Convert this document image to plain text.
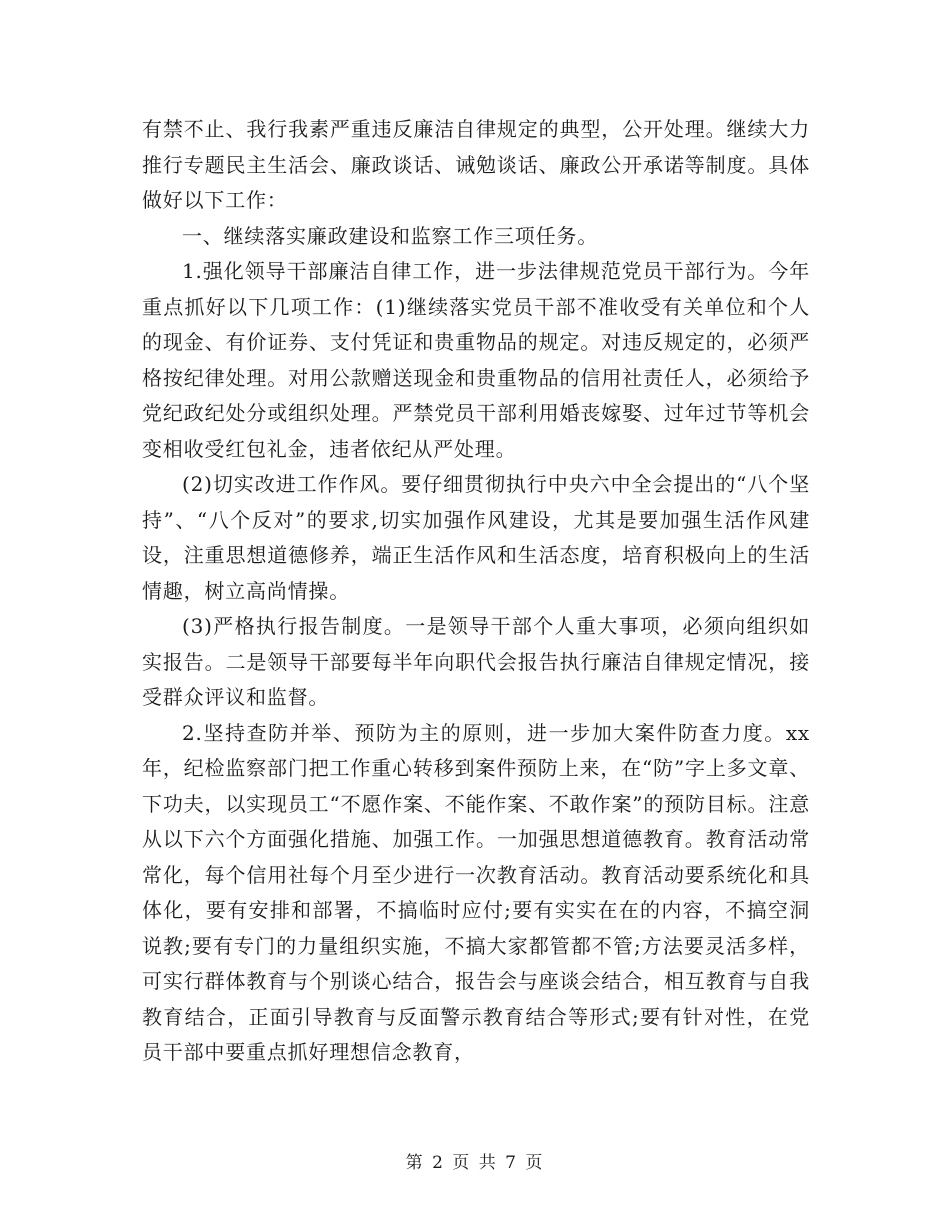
有禁不止、我行我素严重违反廉洁自律规定的典型，公开处理。继续大力推行专题民主生活会、廉政谈话、诫勉谈话、廉政公开承诺等制度。具体做好以下工作：

一、继续落实廉政建设和监察工作三项任务。

1.强化领导干部廉洁自律工作，进一步法律规范党员干部行为。今年重点抓好以下几项工作：(1)继续落实党员干部不准收受有关单位和个人的现金、有价证券、支付凭证和贵重物品的规定。对违反规定的，必须严格按纪律处理。对用公款赠送现金和贵重物品的信用社责任人，必须给予党纪政纪处分或组织处理。严禁党员干部利用婚丧嫁娶、过年过节等机会变相收受红包礼金，违者依纪从严处理。

(2)切实改进工作作风。要仔细贯彻执行中央六中全会提出的“八个坚持”、“八个反对”的要求,切实加强作风建设，尤其是要加强生活作风建设，注重思想道德修养，端正生活作风和生活态度，培育积极向上的生活情趣，树立高尚情操。

(3)严格执行报告制度。一是领导干部个人重大事项，必须向组织如实报告。二是领导干部要每半年向职代会报告执行廉洁自律规定情况，接受群众评议和监督。

2.坚持查防并举、预防为主的原则，进一步加大案件防查力度。xx年，纪检监察部门把工作重心转移到案件预防上来，在“防”字上多文章、下功夫，以实现员工“不愿作案、不能作案、不敢作案”的预防目标。注意从以下六个方面强化措施、加强工作。一加强思想道德教育。教育活动常常化，每个信用社每个月至少进行一次教育活动。教育活动要系统化和具体化，要有安排和部署，不搞临时应付;要有实实在在的内容，不搞空洞说教;要有专门的力量组织实施，不搞大家都管都不管;方法要灵活多样，可实行群体教育与个别谈心结合，报告会与座谈会结合，相互教育与自我教育结合，正面引导教育与反面警示教育结合等形式;要有针对性，在党员干部中要重点抓好理想信念教育，

第 2 页 共 7 页
